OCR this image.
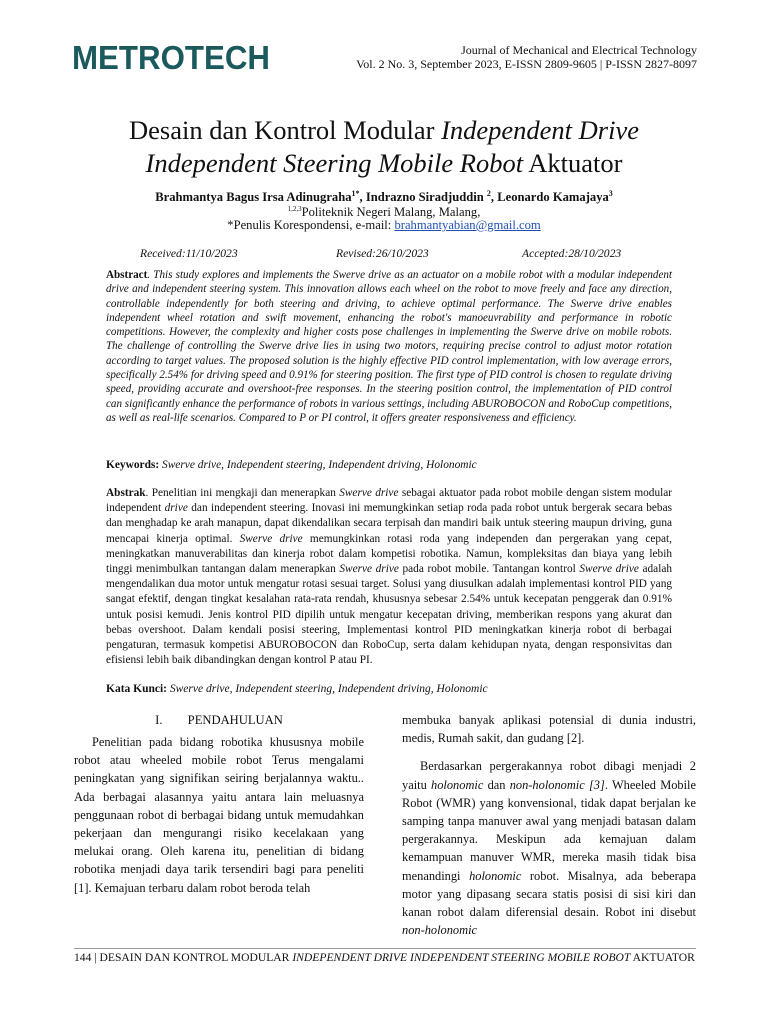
METROTECH	Journal of Mechanical and Electrical Technology
Vol. 2 No. 3, September 2023, E-ISSN 2809-9605 | P-ISSN 2827-8097
Desain dan Kontrol Modular Independent Drive
Independent Steering Mobile Robot Aktuator
Brahmantya Bagus Irsa Adinugraha$^{1*}$, Indrazno Siradjuddin $^2$, Leonardo Kamajaya$^3$
$^{1,2,3}$Politeknik Negeri Malang, Malang,
*Penulis Korespondensi, e-mail: brahmantyabian@gmail.com
Received:11/10/2023	Revised:26/10/2023	Accepted:28/10/2023

Abstract. This study explores and implements the Swerve drive as an actuator on a mobile robot with a modular independent drive and independent steering system. This innovation allows each wheel on the robot to move freely and face any direction, controllable independently for both steering and driving, to achieve optimal performance. The Swerve drive enables independent wheel rotation and swift movement, enhancing the robot's manoeuvrability and performance in robotic competitions. However, the complexity and higher costs pose challenges in implementing the Swerve drive on mobile robots. The challenge of controlling the Swerve drive lies in using two motors, requiring precise control to adjust motor rotation according to target values. The proposed solution is the highly effective PID control implementation, with low average errors, specifically 2.54% for driving speed and 0.91% for steering position. The first type of PID control is chosen to regulate driving speed, providing accurate and overshoot-free responses. In the steering position control, the implementation of PID control can significantly enhance the performance of robots in various settings, including ABUROBOCON and RoboCup competitions, as well as real-life scenarios. Compared to P or PI control, it offers greater responsiveness and efficiency.

Keywords: Swerve drive, Independent steering, Independent driving, Holonomic

Abstrak. Penelitian ini mengkaji dan menerapkan Swerve drive sebagai aktuator pada robot mobile dengan sistem modular independent drive dan independent steering. Inovasi ini memungkinkan setiap roda pada robot untuk bergerak secara bebas dan menghadap ke arah manapun, dapat dikendalikan secara terpisah dan mandiri baik untuk steering maupun driving, guna mencapai kinerja optimal. Swerve drive memungkinkan rotasi roda yang independen dan pergerakan yang cepat, meningkatkan manuverabilitas dan kinerja robot dalam kompetisi robotika. Namun, kompleksitas dan biaya yang lebih tinggi menimbulkan tantangan dalam menerapkan Swerve drive pada robot mobile. Tantangan kontrol Swerve drive adalah mengendalikan dua motor untuk mengatur rotasi sesuai target. Solusi yang diusulkan adalah implementasi kontrol PID yang sangat efektif, dengan tingkat kesalahan rata-rata rendah, khususnya sebesar 2.54% untuk kecepatan penggerak dan 0.91% untuk posisi kemudi. Jenis kontrol PID dipilih untuk mengatur kecepatan driving, memberikan respons yang akurat dan bebas overshoot. Dalam kendali posisi steering, Implementasi kontrol PID meningkatkan kinerja robot di berbagai pengaturan, termasuk kompetisi ABUROBOCON dan RoboCup, serta dalam kehidupan nyata, dengan responsivitas dan efisiensi lebih baik dibandingkan dengan kontrol P atau PI.

Kata Kunci: Swerve drive, Independent steering, Independent driving, Holonomic

I.  PENDAHULUAN

Penelitian pada bidang robotika khususnya mobile robot atau wheeled mobile robot Terus mengalami peningkatan yang signifikan seiring berjalannya waktu.. Ada berbagai alasannya yaitu antara lain meluasnya penggunaan robot di berbagai bidang untuk memudahkan pekerjaan dan mengurangi risiko kecelakaan yang melukai orang. Oleh karena itu, penelitian di bidang robotika menjadi daya tarik tersendiri bagi para peneliti [1]. Kemajuan terbaru dalam robot beroda telah

membuka banyak aplikasi potensial di dunia industri, medis, Rumah sakit, dan gudang [2].

Berdasarkan pergerakannya robot dibagi menjadi 2 yaitu holonomic dan non-holonomic [3]. Wheeled Mobile Robot (WMR) yang konvensional, tidak dapat berjalan ke samping tanpa manuver awal yang menjadi batasan dalam pergerakannya. Meskipun ada kemajuan dalam kemampuan manuver WMR, mereka masih tidak bisa menandingi holonomic robot. Misalnya, ada beberapa motor yang dipasang secara statis posisi di sisi kiri dan kanan robot dalam diferensial desain. Robot ini disebut non-holonomic

144 | DESAIN DAN KONTROL MODULAR INDEPENDENT DRIVE INDEPENDENT STEERING MOBILE ROBOT AKTUATOR
